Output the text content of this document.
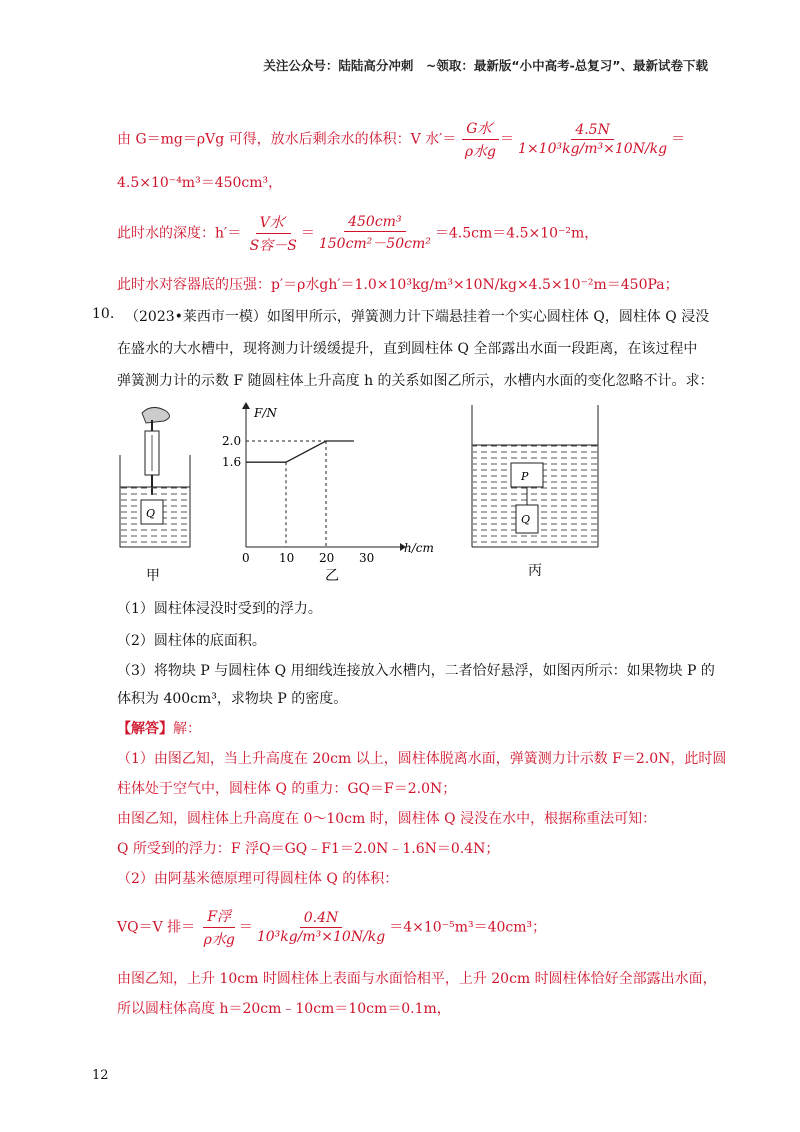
关注公众号：陆陆高分冲刺　~领取：最新版“小中高考-总复习”、最新试卷下载
由 G＝mg＝ρVg 可得，放水后剩余水的体积：V 水′＝ $\frac{\text{G水′}}{\text{ρ水g}} = \frac{4.5N}{\text{1×10³kg/m³×10N/kg}}$ ＝
4.5×10⁻⁴m³＝450cm³，
此时水的深度：$h'= \frac{\text{V水′}}{\text{S容－S}} = \frac{\text{450cm³}}{\text{150cm²－50cm²}} =4.5cm=4.5\times 10^{-2}m$，
此时水对容器底的压强：p′＝ρ水gh′＝1.0×10³kg/m³×10N/kg×4.5×10⁻²m＝450Pa；
10. （2023•莱西市一模）如图甲所示，弹簧测力计下端悬挂着一个实心圆柱体 Q，圆柱体 Q 浸没
在盛水的大水槽中，现将测力计缓缓提升，直到圆柱体 Q 全部露出水面一段距离，在该过程中
弹簧测力计的示数 F 随圆柱体上升高度 h 的关系如图乙所示，水槽内水面的变化忽略不计。求：
Q
甲
F/N
h/cm
0
1.6
2.0
10 20 30
乙
P
Q
丙
（1）圆柱体浸没时受到的浮力。
（2）圆柱体的底面积。
（3）将物块 P 与圆柱体 Q 用细线连接放入水槽内，二者恰好悬浮，如图丙所示：如果物块 P 的
体积为 400cm³，求物块 P 的密度。
【解答】解：
（1）由图乙知，当上升高度在 20cm 以上，圆柱体脱离水面，弹簧测力计示数 F＝2.0N，此时圆
柱体处于空气中，圆柱体 Q 的重力：GQ＝F＝2.0N；
由图乙知，圆柱体上升高度在 0～10cm 时，圆柱体 Q 浸没在水中，根据称重法可知：
Q 所受到的浮力：F 浮Q＝GQ﹣F1＝2.0N﹣1.6N＝0.4N；
（2）由阿基米德原理可得圆柱体 Q 的体积：
VQ＝V 排＝ $\frac{\text{F浮}}{\text{ρ水g}} = \frac{0.4N}{\text{10³kg/m³×10N/kg}} =4\times 10^{-5}m^3=40cm^3$；
由图乙知，上升 10cm 时圆柱体上表面与水面恰相平，上升 20cm 时圆柱体恰好全部露出水面，
所以圆柱体高度 h＝20cm﹣10cm＝10cm＝0.1m，
12
